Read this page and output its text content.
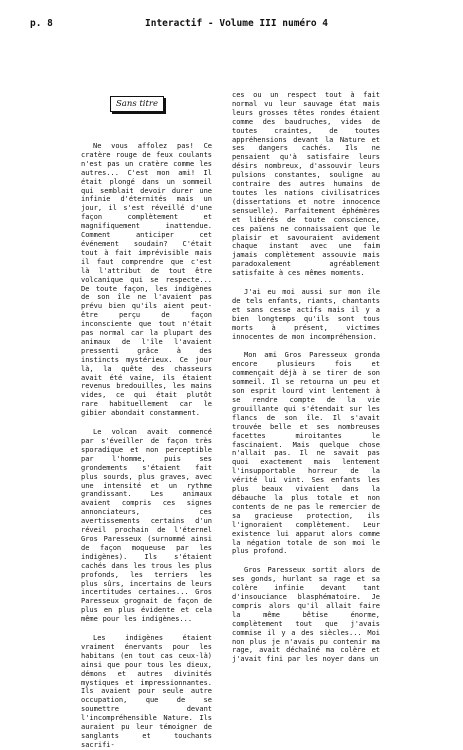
p. 8	Interactif - Volume III numéro 4
Sans titre

Ne vous affolez pas! Ce cratère rouge de feux coulants n'est pas un cratère comme les autres... C'est mon ami! Il était plongé dans un sommeil qui semblait devoir durer une infinie d'éternités mais un jour, il s'est réveillé d'une façon complètement et magnifiquement inattendue. Comment anticiper cet événement soudain? C'était tout à fait imprévisible mais il faut comprendre que c'est là l'attribut de tout être volcanique qui se respecte... De toute façon, les indigènes de son île ne l'avaient pas prévu bien qu'ils aient peut-être perçu de façon inconsciente que tout n'était pas normal car la plupart des animaux de l'île l'avaient pressenti grâce à des instincts mystérieux. Ce jour là, la quête des chasseurs avait été vaine, ils étaient revenus bredouilles, les mains vides, ce qui était plutôt rare habituellement car le gibier abondait constamment.

Le volcan avait commencé par s'éveiller de façon très sporadique et non perceptible par l'homme, puis ses grondements s'étaient fait plus sourds, plus graves, avec une intensité et un rythme grandissant. Les animaux avaient compris ces signes annonciateurs, ces avertissements certains d'un réveil prochain de l'éternel Gros Paresseux (surnommé ainsi de façon moqueuse par les indigènes). Ils s'étaient cachés dans les trous les plus profonds, les terriers les plus sûrs, incertains de leurs incertitudes certaines... Gros Paresseux grognait de façon de plus en plus évidente et cela même pour les indigènes...

Les indigènes étaient vraiment énervants pour les habitans (en tout cas ceux-là) ainsi que pour tous les dieux, démons et autres divinités mystiques et impressionnantes. Ils avaient pour seule autre occupation, que de se soumettre devant l'incompréhensible Nature. Ils auraient pu leur témoigner de sanglants et touchants sacrifi-

ces ou un respect tout à fait normal vu leur sauvage état mais leurs grosses têtes rondes étaient comme des baudruches, vides de toutes craintes, de toutes appréhensions devant la Nature et ses dangers cachés. Ils ne pensaient qu'à satisfaire leurs désirs nombreux, d'assouvir leurs pulsions constantes, souligne au contraire des autres humains de toutes les nations civilisatrices (dissertations et notre innocence sensuelle). Parfaitement éphémères et libérés de toute conscience, ces païens ne connaissaient que le plaisir et savouraient avidement chaque instant avec une faim jamais complètement assouvie mais paradoxalement agréablement satisfaite à ces mêmes moments.

J'ai eu moi aussi sur mon île de tels enfants, riants, chantants et sans cesse actifs mais il y a bien longtemps qu'ils sont tous morts à présent, victimes innocentes de mon incompréhension.

Mon ami Gros Paresseux gronda encore plusieurs fois et commençait déjà à se tirer de son sommeil. Il se retourna un peu et son esprit lourd vint lentement à se rendre compte de la vie grouillante qui s'étendait sur les flancs de son île. Il s'avait trouvée belle et ses nombreuses facettes miroitantes le fascinaient. Mais quelque chose n'allait pas. Il ne savait pas quoi exactement mais lentement l'insupportable horreur de la vérité lui vint. Ses enfants les plus beaux vivaient dans la débauche la plus totale et non contents de ne pas le remercier de sa gracieuse protection, ils l'ignoraient complètement. Leur existence lui apparut alors comme la négation totale de son moi le plus profond.

Gros Paresseux sortit alors de ses gonds, hurlant sa rage et sa colère infinie devant tant d'insouciance blasphématoire. Je compris alors qu'il allait faire la même bêtise énorme, complètement tout que j'avais commise il y a des siècles... Moi non plus je n'avais pu contenir ma rage, avait déchaîné ma colère et j'avait fini par les noyer dans un
